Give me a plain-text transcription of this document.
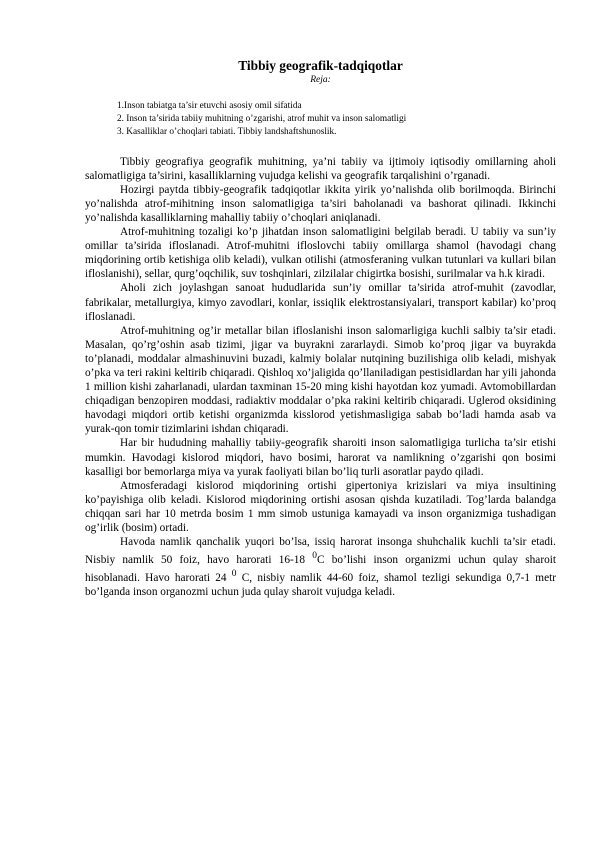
Tibbiy geografik-tadqiqotlar
Reja:
1.Inson tabiatga ta’sir etuvchi asosiy omil sifatida
2. Inson ta’sirida tabiiy muhitning o’zgarishi, atrof muhit va inson salomatligi
3. Kasalliklar o’choqlari tabiati. Tibbiy landshaftshunoslik.

Tibbiy geografiya geografik muhitning, ya’ni tabiiy va ijtimoiy iqtisodiy omillarning aholi salomatligiga ta’sirini, kasalliklarning vujudga kelishi va geografik tarqalishini o’rganadi.

Hozirgi paytda tibbiy-geografik tadqiqotlar ikkita yirik yo’nalishda olib borilmoqda. Birinchi yo’nalishda atrof-mihitning inson salomatligiga ta’siri baholanadi va bashorat qilinadi. Ikkinchi yo’nalishda kasalliklarning mahalliy tabiiy o’choqlari aniqlanadi.

Atrof-muhitning tozaligi ko’p jihatdan inson salomatligini belgilab beradi. U tabiiy va sun’iy omillar ta’sirida ifloslanadi. Atrof-muhitni ifloslovchi tabiiy omillarga shamol (havodagi chang miqdorining ortib ketishiga olib keladi), vulkan otilishi (atmosferaning vulkan tutunlari va kullari bilan ifloslanishi), sellar, qurg’oqchilik, suv toshqinlari, zilzilalar chigirtka bosishi, surilmalar va h.k kiradi.

Aholi zich joylashgan sanoat hududlarida sun’iy omillar ta’sirida atrof-muhit (zavodlar, fabrikalar, metallurgiya, kimyo zavodlari, konlar, issiqlik elektrostansiyalari, transport kabilar) ko’proq ifloslanadi.

Atrof-muhitning og’ir metallar bilan ifloslanishi inson salomarligiga kuchli salbiy ta’sir etadi. Masalan, qo’rg’oshin asab tizimi, jigar va buyrakni zararlaydi. Simob ko’proq jigar va buyrakda to’planadi, moddalar almashinuvini buzadi, kalmiy bolalar nutqining buzilishiga olib keladi, mishyak o’pka va teri rakini keltirib chiqaradi. Qishloq xo’jaligida qo’llaniladigan pestisidlardan har yili jahonda 1 million kishi zaharlanadi, ulardan taxminan 15-20 ming kishi hayotdan koz yumadi. Avtomobillardan chiqadigan benzopiren moddasi, radiaktiv moddalar o’pka rakini keltirib chiqaradi. Uglerod oksidining havodagi miqdori ortib ketishi organizmda kisslorod yetishmasligiga sabab bo’ladi hamda asab va yurak-qon tomir tizimlarini ishdan chiqaradi.

Har bir hududning mahalliy tabiiy-geografik sharoiti inson salomatligiga turlicha ta’sir etishi mumkin. Havodagi kislorod miqdori, havo bosimi, harorat va namlikning o’zgarishi qon bosimi kasalligi bor bemorlarga miya va yurak faoliyati bilan bo’liq turli asoratlar paydo qiladi.

Atmosferadagi kislorod miqdorining ortishi gipertoniya krizislari va miya insultining ko’payishiga olib keladi. Kislorod miqdorining ortishi asosan qishda kuzatiladi. Tog’larda balandga chiqqan sari har 10 metrda bosim 1 mm simob ustuniga kamayadi va inson organizmiga tushadigan og’irlik (bosim) ortadi.

Havoda namlik qanchalik yuqori bo’lsa, issiq harorat insonga shuhchalik kuchli ta’sir etadi. Nisbiy namlik 50 foiz, havo harorati 16-18 $^0$C bo’lishi inson organizmi uchun qulay sharoit hisoblanadi. Havo harorati 24 $^0$ C, nisbiy namlik 44-60 foiz, shamol tezligi sekundiga 0,7-1 metr bo’lganda inson organozmi uchun juda qulay sharoit vujudga keladi.
